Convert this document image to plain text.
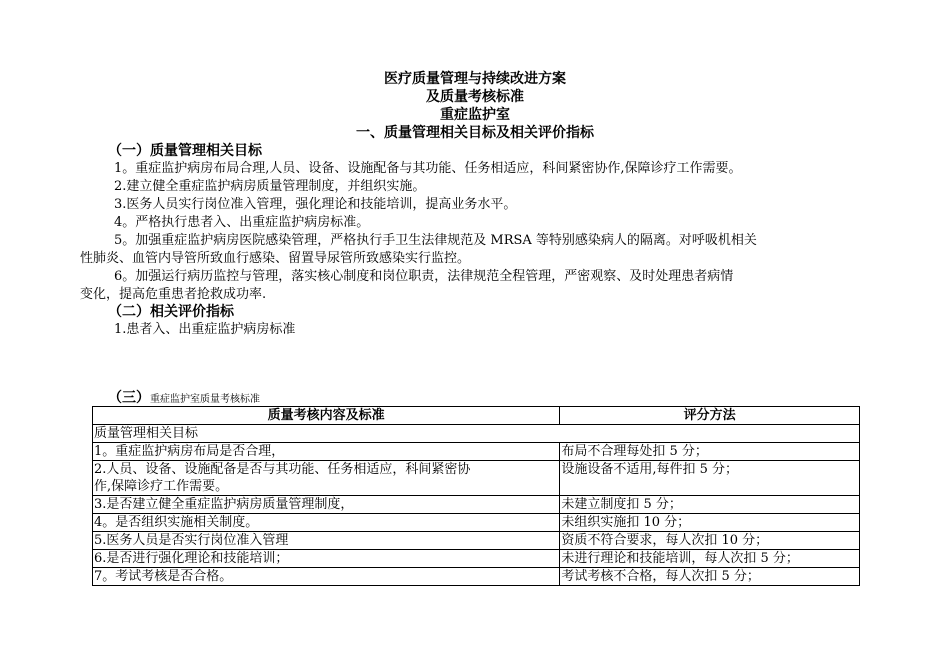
医疗质量管理与持续改进方案
及质量考核标准
重症监护室
一、质量管理相关目标及相关评价指标
（一）质量管理相关目标
1。重症监护病房布局合理,人员、设备、设施配备与其功能、任务相适应，科间紧密协作,保障诊疗工作需要。
2.建立健全重症监护病房质量管理制度，并组织实施。
3.医务人员实行岗位准入管理，强化理论和技能培训，提高业务水平。
4。严格执行患者入、出重症监护病房标准。
5。加强重症监护病房医院感染管理，严格执行手卫生法律规范及 MRSA 等特别感染病人的隔离。对呼吸机相关
性肺炎、血管内导管所致血行感染、留置导尿管所致感染实行监控。
6。加强运行病历监控与管理，落实核心制度和岗位职责，法律规范全程管理，严密观察、及时处理患者病情
变化，提高危重患者抢救成功率.
（二）相关评价指标
1.患者入、出重症监护病房标准
（三）重症监护室质量考核标准
质量考核内容及标准	评分方法
质量管理相关目标	
1。重症监护病房布局是否合理，	布局不合理每处扣 5 分；
2.人员、设备、设施配备是否与其功能、任务相适应，科间紧密协
作,保障诊疗工作需要。	设施设备不适用,每件扣 5 分；
3.是否建立健全重症监护病房质量管理制度，	未建立制度扣 5 分；
4。是否组织实施相关制度。	未组织实施扣 10 分；
5.医务人员是否实行岗位准入管理	资质不符合要求，每人次扣 10 分；
6.是否进行强化理论和技能培训；	未进行理论和技能培训，每人次扣 5 分；
7。考试考核是否合格。	考试考核不合格，每人次扣 5 分；
